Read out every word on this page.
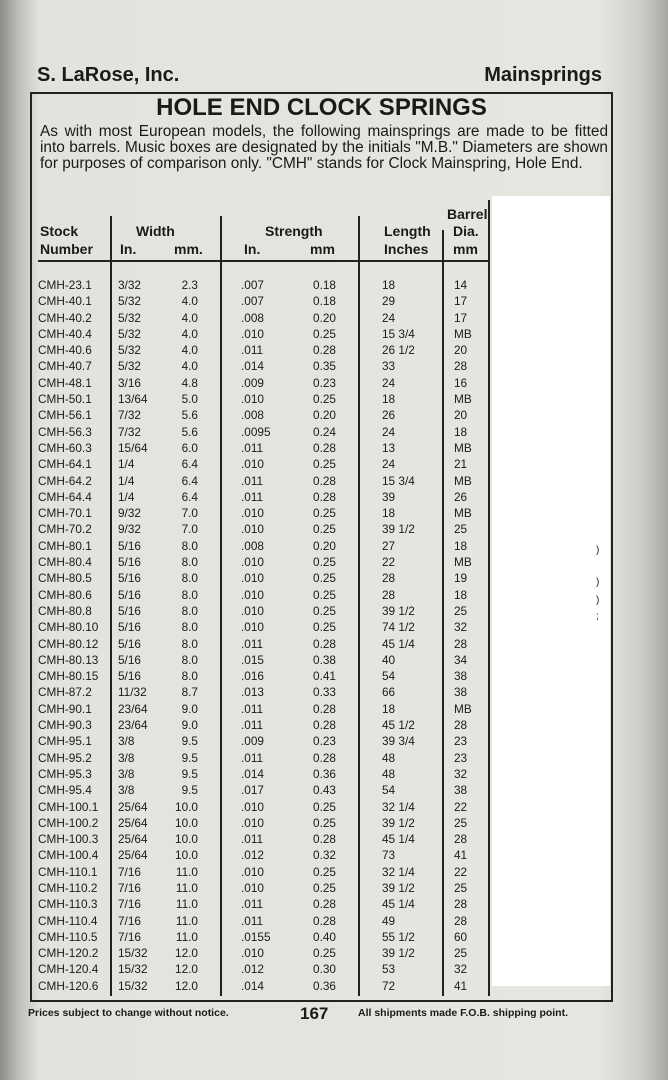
S. LaRose, Inc.	Mainsprings
HOLE END CLOCK SPRINGS
As with most European models, the following mainsprings are made to be fitted into barrels. Music boxes are designated by the initials "M.B." Diameters are shown for purposes of comparison only. "CMH" stands for Clock Mainspring, Hole End.
Stock
Number
Width
In.	mm.
Strength
In.	mm
Length
Inches
Barrel
Dia.
mm
CMH-23.1 3/32	2.3	.007	0.18	18	14
CMH-40.1 5/32	4.0	.007	0.18	29	17
CMH-40.2 5/32	4.0	.008	0.20	24	17
CMH-40.4 5/32	4.0	.010	0.25	15 3/4	MB
CMH-40.6 5/32	4.0	.011	0.28	26 1/2	20
CMH-40.7 5/32	4.0	.014	0.35	33	28
CMH-48.1 3/16	4.8	.009	0.23	24	16
CMH-50.1 13/64	5.0	.010	0.25	18	MB
CMH-56.1 7/32	5.6	.008	0.20	26	20
CMH-56.3 7/32	5.6	.0095	0.24	24	18
CMH-60.3 15/64	6.0	.011	0.28	13	MB
CMH-64.1 1/4	6.4	.010	0.25	24	21
CMH-64.2 1/4	6.4	.011	0.28	15 3/4	MB
CMH-64.4 1/4	6.4	.011	0.28	39	26
CMH-70.1 9/32	7.0	.010	0.25	18	MB
CMH-70.2 9/32	7.0	.010	0.25	39 1/2	25
CMH-80.1 5/16	8.0	.008	0.20	27	18
CMH-80.4 5/16	8.0	.010	0.25	22	MB
CMH-80.5 5/16	8.0	.010	0.25	28	19
CMH-80.6 5/16	8.0	.010	0.25	28	18
CMH-80.8 5/16	8.0	.010	0.25	39 1/2	25
CMH-80.10 5/16	8.0	.010	0.25	74 1/2	32
CMH-80.12 5/16	8.0	.011	0.28	45 1/4	28
CMH-80.13 5/16	8.0	.015	0.38	40	34
CMH-80.15 5/16	8.0	.016	0.41	54	38
CMH-87.2 11/32	8.7	.013	0.33	66	38
CMH-90.1 23/64	9.0	.011	0.28	18	MB
CMH-90.3 23/64	9.0	.011	0.28	45 1/2	28
CMH-95.1 3/8	9.5	.009	0.23	39 3/4	23
CMH-95.2 3/8	9.5	.011	0.28	48	23
CMH-95.3 3/8	9.5	.014	0.36	48	32
CMH-95.4 3/8	9.5	.017	0.43	54	38
CMH-100.1 25/64 10.0	.010	0.25	32 1/4	22
CMH-100.2 25/64 10.0	.010	0.25	39 1/2	25
CMH-100.3 25/64 10.0	.011	0.28	45 1/4	28
CMH-100.4 25/64 10.0	.012	0.32	73	41
CMH-110.1 7/16	11.0	.010	0.25	32 1/4	22
CMH-110.2 7/16	11.0	.010	0.25	39 1/2	25
CMH-110.3 7/16	11.0	.011	0.28	45 1/4	28
CMH-110.4 7/16	11.0	.011	0.28	49	28
CMH-110.5 7/16	11.0	.0155	0.40	55 1/2	60
CMH-120.2 15/32 12.0	.010	0.25	39 1/2	25
CMH-120.4 15/32 12.0	.012	0.30	53	32
CMH-120.6 15/32 12.0	.014	0.36	72	41
)
)
)
;
Prices subject to change without notice.	167	All shipments made F.O.B. shipping point.
